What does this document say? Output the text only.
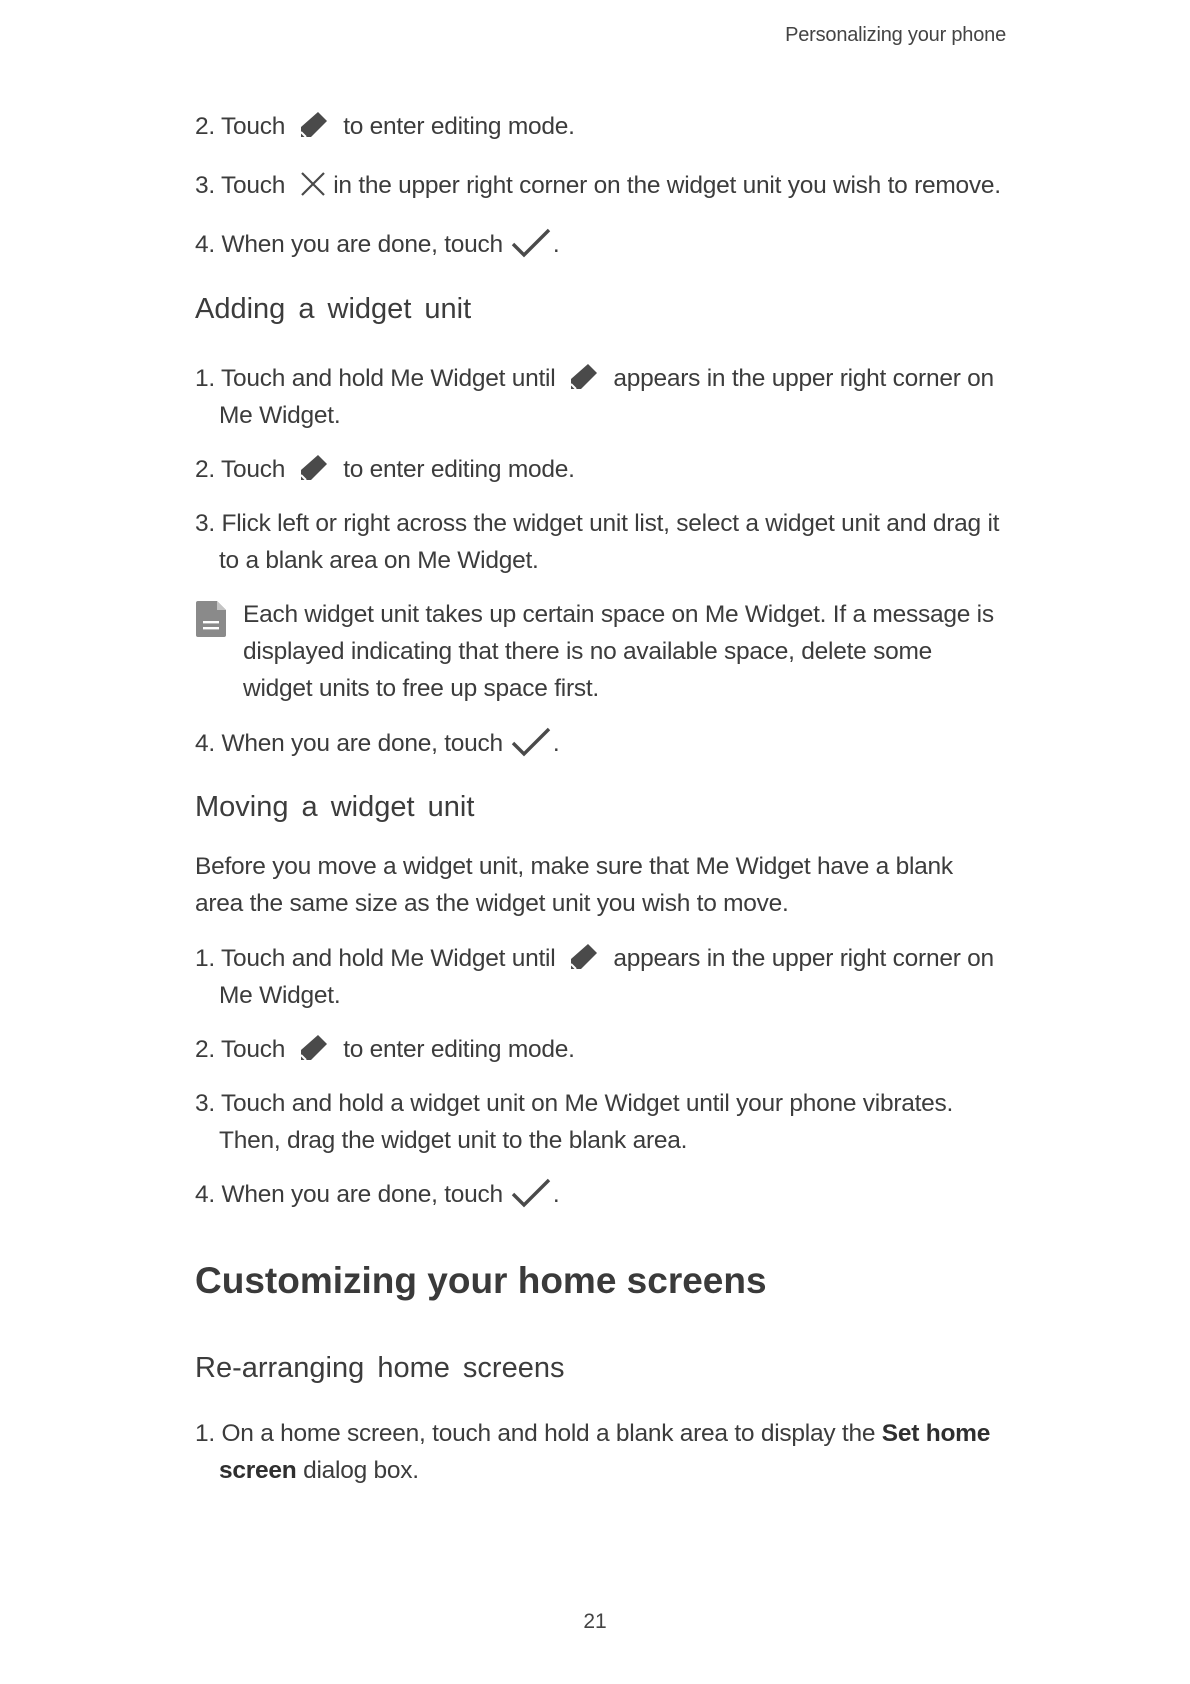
Personalizing your phone

2. Touch to enter editing mode.

3. Touch in the upper right corner on the widget unit you wish to remove.

4. When you are done, touch .

Adding a widget unit

1. Touch and hold Me Widget until appears in the upper right corner on Me Widget.

2. Touch to enter editing mode.

3. Flick left or right across the widget unit list, select a widget unit and drag it to a blank area on Me Widget.

Each widget unit takes up certain space on Me Widget. If a message is displayed indicating that there is no available space, delete some widget units to free up space first.

4. When you are done, touch .

Moving a widget unit

Before you move a widget unit, make sure that Me Widget have a blank area the same size as the widget unit you wish to move.

1. Touch and hold Me Widget until appears in the upper right corner on Me Widget.

2. Touch to enter editing mode.

3. Touch and hold a widget unit on Me Widget until your phone vibrates. Then, drag the widget unit to the blank area.

4. When you are done, touch .

Customizing your home screens
Re-arranging home screens

1. On a home screen, touch and hold a blank area to display the Set home screen dialog box.

21
